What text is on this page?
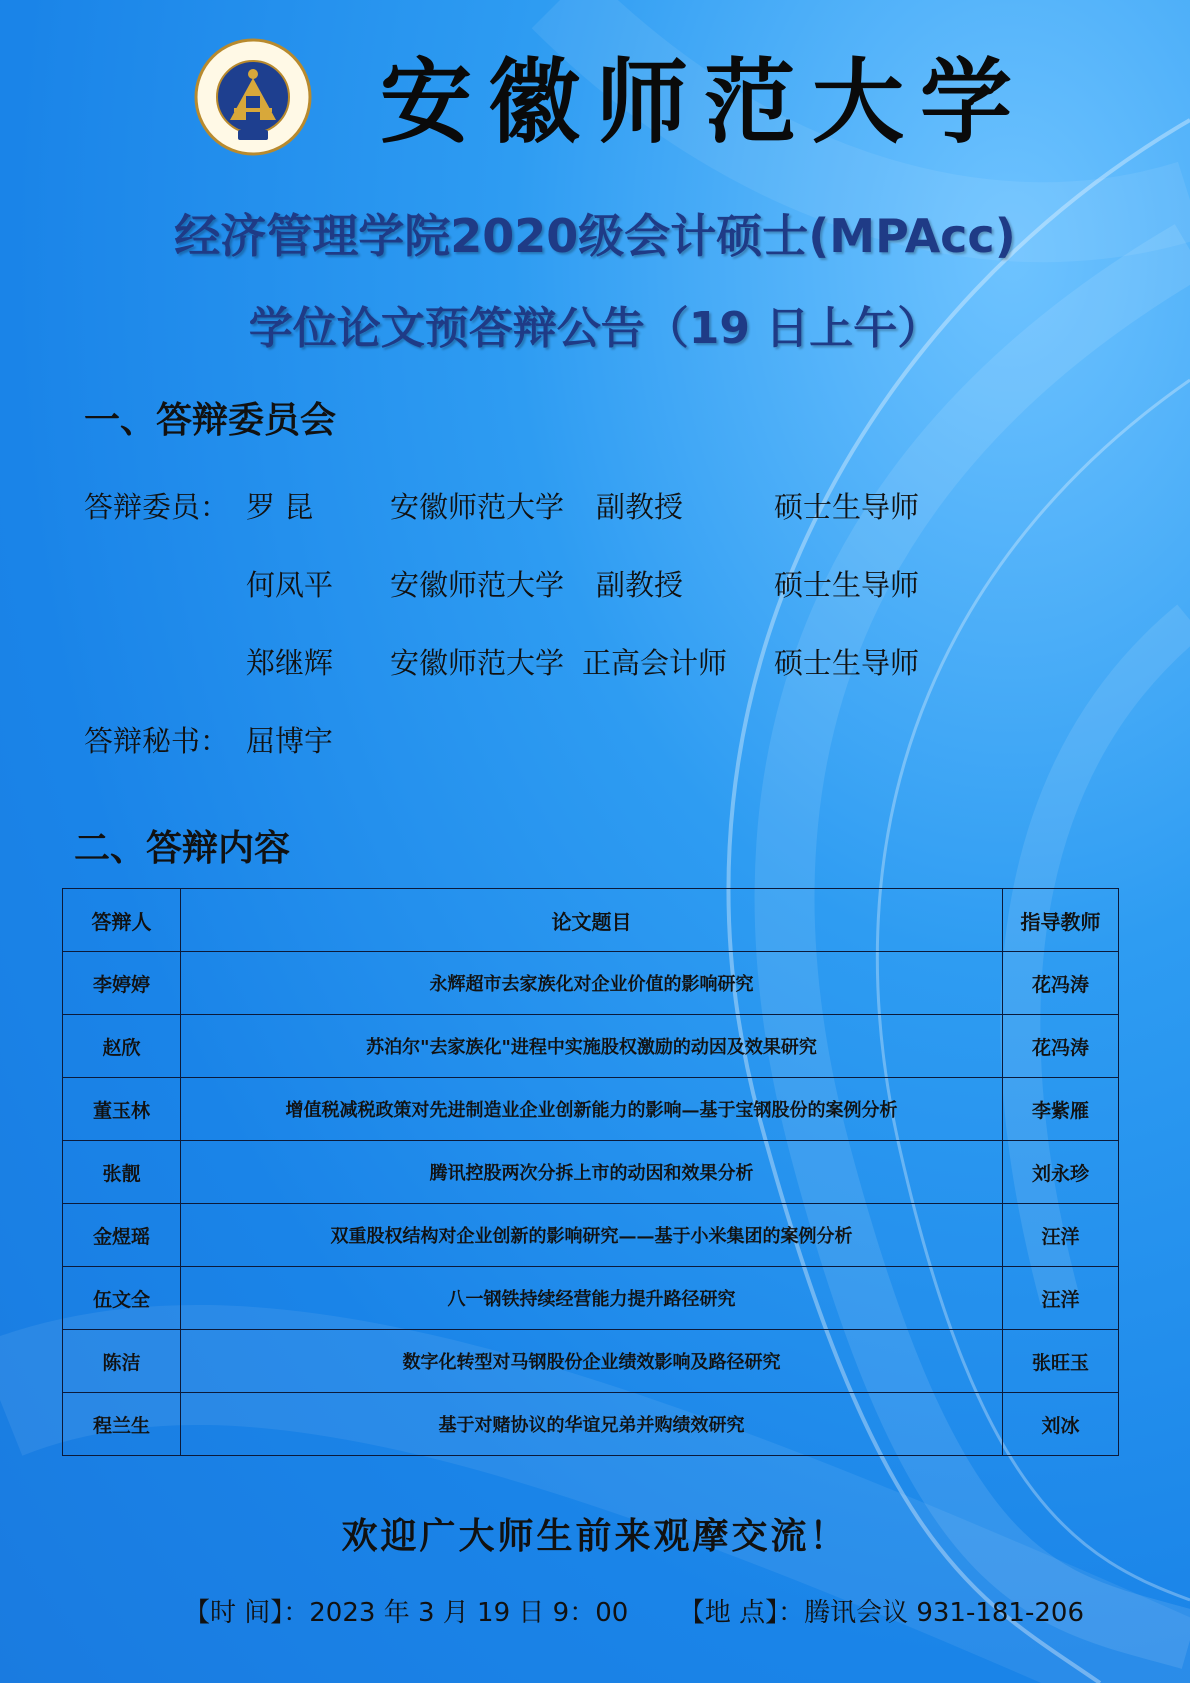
安徽师范大学
经济管理学院2020级会计硕士(MPAcc)
学位论文预答辩公告（19 日上午）
一、答辩委员会
答辩委员： 罗 昆	安徽师范大学 副教授	硕士生导师
何凤平 安徽师范大学 副教授	硕士生导师
郑继辉 安徽师范大学 正高会计师 硕士生导师
答辩秘书： 屈博宇
二、答辩内容
答辩人	论文题目	指导教师
李婷婷	永辉超市去家族化对企业价值的影响研究	花冯涛
赵欣	苏泊尔"去家族化"进程中实施股权激励的动因及效果研究	花冯涛
董玉林	增值税减税政策对先进制造业企业创新能力的影响—基于宝钢股份的案例分析	李紫雁
张靓	腾讯控股两次分拆上市的动因和效果分析	刘永珍
金煜瑶	双重股权结构对企业创新的影响研究——基于小米集团的案例分析	汪洋
伍文全	八一钢铁持续经营能力提升路径研究	汪洋
陈洁	数字化转型对马钢股份企业绩效影响及路径研究	张旺玉
程兰生	基于对赌协议的华谊兄弟并购绩效研究	刘冰
欢迎广大师生前来观摩交流！
【时 间】：2023 年 3 月 19 日 9：00 【地 点】：腾讯会议 931-181-206
